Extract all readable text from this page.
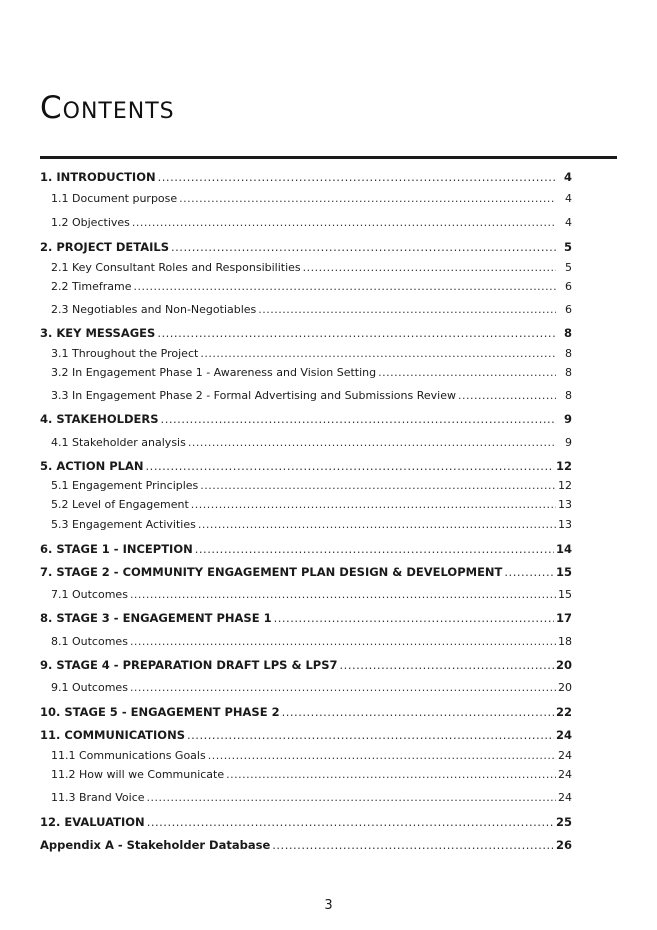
Contents
1. INTRODUCTION .....	4
1.1 Document purpose .....	4
1.2 Objectives .....	4
2. PROJECT DETAILS .....	5
2.1 Key Consultant Roles and Responsibilities .....	5
2.2 Timeframe .....	6
2.3 Negotiables and Non-Negotiables .....	6
3. KEY MESSAGES .....	8
3.1 Throughout the Project .....	8
3.2 In Engagement Phase 1 - Awareness and Vision Setting .....	8
3.3 In Engagement Phase 2 - Formal Advertising and Submissions Review .....	8
4. STAKEHOLDERS .....	9
4.1 Stakeholder analysis .....	9
5. ACTION PLAN .....	12
5.1 Engagement Principles .....	12
5.2 Level of Engagement .....	13
5.3 Engagement Activities .....	13
6. STAGE 1 - INCEPTION .....	14
7. STAGE 2 - COMMUNITY ENGAGEMENT PLAN DESIGN & DEVELOPMENT .....	15
7.1 Outcomes .....	15
8. STAGE 3 - ENGAGEMENT PHASE 1 .....	17
8.1 Outcomes .....	18
9. STAGE 4 - PREPARATION DRAFT LPS & LPS7 .....	20
9.1 Outcomes .....	20
10. STAGE 5 - ENGAGEMENT PHASE 2 .....	22
11. COMMUNICATIONS .....	24
11.1 Communications Goals .....	24
11.2 How will we Communicate .....	24
11.3 Brand Voice .....	24
12. EVALUATION .....	25
Appendix A - Stakeholder Database .....	26
3
